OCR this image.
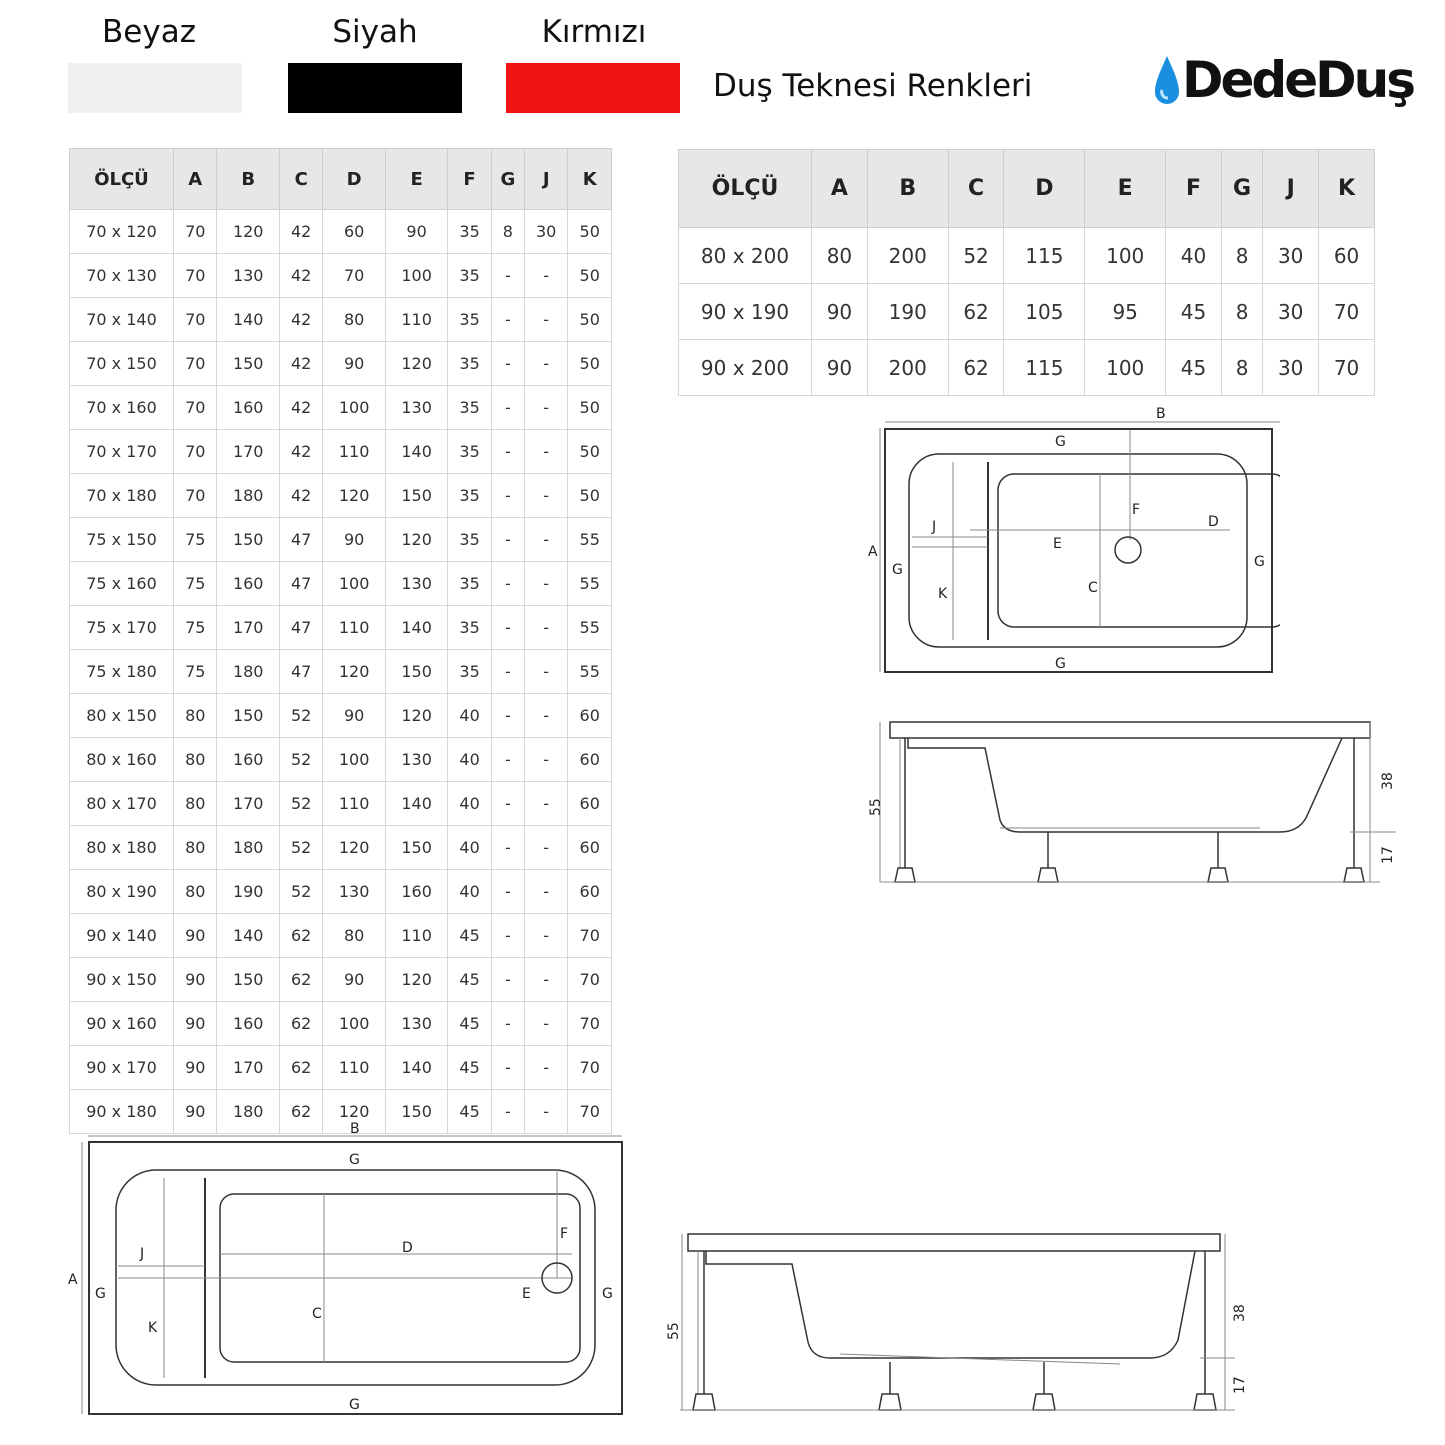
Beyaz	Siyah	Kırmızı
Duş Teknesi Renkleri	DedeDuş
ÖLÇÜ	A	B	C	D	E	F	G	J	K
70 x 120	70	120	42	60	90	35	8	30	50
70 x 130	70	130	42	70	100	35	-	-	50
70 x 140	70	140	42	80	110	35	-	-	50
70 x 150	70	150	42	90	120	35	-	-	50
70 x 160	70	160	42	100	130	35	-	-	50
70 x 170	70	170	42	110	140	35	-	-	50
70 x 180	70	180	42	120	150	35	-	-	50
75 x 150	75	150	47	90	120	35	-	-	55
75 x 160	75	160	47	100	130	35	-	-	55
75 x 170	75	170	47	110	140	35	-	-	55
75 x 180	75	180	47	120	150	35	-	-	55
80 x 150	80	150	52	90	120	40	-	-	60
80 x 160	80	160	52	100	130	40	-	-	60
80 x 170	80	170	52	110	140	40	-	-	60
80 x 180	80	180	52	120	150	40	-	-	60
80 x 190	80	190	52	130	160	40	-	-	60
90 x 140	90	140	62	80	110	45	-	-	70
90 x 150	90	150	62	90	120	45	-	-	70
90 x 160	90	160	62	100	130	45	-	-	70
90 x 170	90	170	62	110	140	45	-	-	70
90 x 180	90	180	62	120	150	45	-	-	70
ÖLÇÜ	A	B	C	D	E	F	G	J	K
80 x 200	80	200	52	115	100	40	8	30	60
90 x 190	90	190	62	105	95	45	8	30	70
90 x 200	90	200	62	115	100	45	8	30	70
B
G
G
G	G
A
J
K
E
F
D
C
55
38
17
B
G
G
G	G
A
J
K
D
F
E
C
55
38
17
